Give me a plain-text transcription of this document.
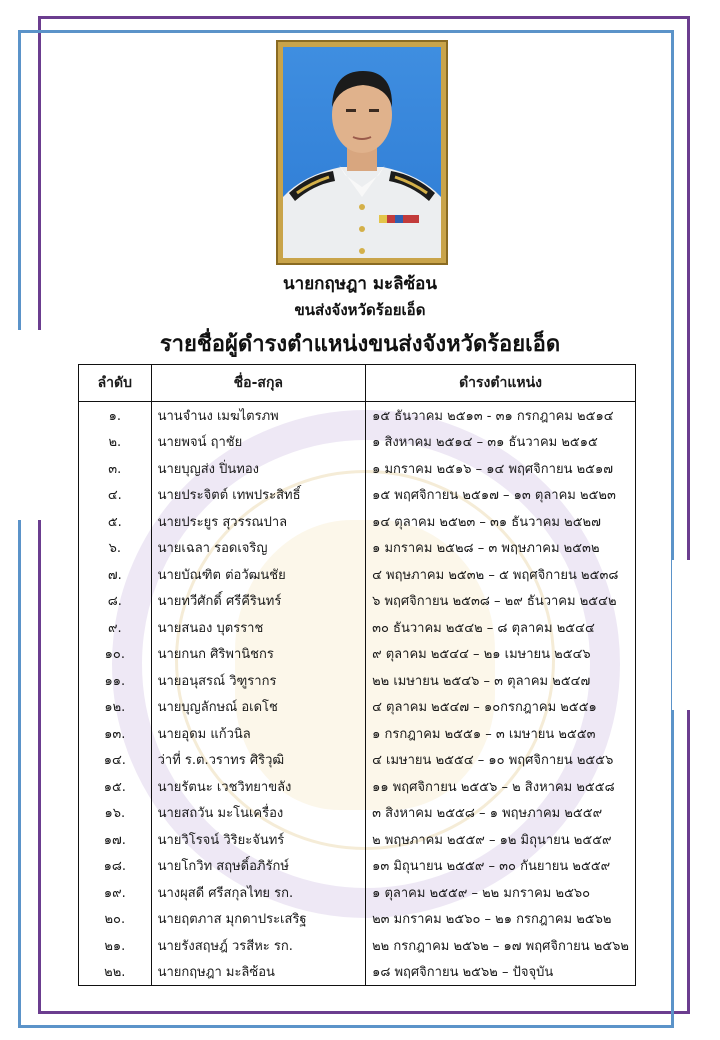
นายกฤษฎา มะลิซ้อน
ขนส่งจังหวัดร้อยเอ็ด
รายชื่อผู้ดำรงตำแหน่งขนส่งจังหวัดร้อยเอ็ด
ลำดับ	ชื่อ-สกุล	ดำรงตำแหน่ง
๑.	นานจำนง เมฆไตรภพ	๑๕ ธันวาคม ๒๕๑๓ - ๓๑ กรกฎาคม ๒๕๑๔
๒.	นายพจน์ ฤาชัย	๑ สิงหาคม ๒๕๑๔ – ๓๑ ธันวาคม ๒๕๑๕
๓.	นายบุญส่ง ปิ่นทอง	๑ มกราคม ๒๕๑๖ – ๑๔ พฤศจิกายน ๒๕๑๗
๔.	นายประจิตต์ เทพประสิทธิ์	๑๕ พฤศจิกายน ๒๕๑๗ – ๑๓ ตุลาคม ๒๕๒๓
๕.	นายประยูร สุวรรณปาล	๑๔ ตุลาคม ๒๕๒๓ – ๓๑ ธันวาคม ๒๕๒๗
๖.	นายเฉลา รอดเจริญ	๑ มกราคม ๒๕๒๘ – ๓ พฤษภาคม ๒๕๓๒
๗.	นายบัณฑิต ต่อวัฒนชัย	๔ พฤษภาคม ๒๕๓๒ – ๕ พฤศจิกายน ๒๕๓๘
๘.	นายทวีศักดิ์ ศรีคีรินทร์	๖ พฤศจิกายน ๒๕๓๘ – ๒๙ ธันวาคม ๒๕๔๒
๙.	นายสนอง บุตรราช	๓๐ ธันวาคม ๒๕๔๒ – ๘ ตุลาคม ๒๕๔๔
๑๐.	นายกนก ศิริพานิชกร	๙ ตุลาคม ๒๕๔๔ – ๒๑ เมษายน ๒๕๔๖
๑๑.	นายอนุสรณ์ วิฑูรากร	๒๒ เมษายน ๒๕๔๖ – ๓ ตุลาคม ๒๕๔๗
๑๒.	นายบุญลักษณ์ อเดโช	๔ ตุลาคม ๒๕๔๗ – ๑๐กรกฎาคม ๒๕๕๑
๑๓.	นายอุดม แก้วนิล	๑ กรกฎาคม ๒๕๕๑ – ๓ เมษายน ๒๕๕๓
๑๔.	ว่าที่ ร.ต.วราทร ศิริวุฒิ	๔ เมษายน ๒๕๕๔ – ๑๐ พฤศจิกายน ๒๕๕๖
๑๕.	นายรัตนะ เวชวิทยาขลัง	๑๑ พฤศจิกายน ๒๕๕๖ – ๒ สิงหาคม ๒๕๕๘
๑๖.	นายสถวัน มะโนเครื่อง	๓ สิงหาคม ๒๕๕๘ – ๑ พฤษภาคม ๒๕๕๙
๑๗.	นายวิโรจน์ วิริยะจันทร์	๒ พฤษภาคม ๒๕๕๙ – ๑๒ มิถุนายน ๒๕๕๙
๑๘.	นายโกวิท สฤษดิ์อภิรักษ์	๑๓ มิถุนายน ๒๕๕๙ – ๓๐ กันยายน ๒๕๕๙
๑๙.	นางผุสดี ศรีสกุลไทย รก.	๑ ตุลาคม ๒๕๕๙ – ๒๒ มกราคม ๒๕๖๐
๒๐.	นายฤตภาส มุกดาประเสริฐ	๒๓ มกราคม ๒๕๖๐ – ๒๑ กรกฎาคม ๒๕๖๒
๒๑.	นายรังสฤษฎ์ วรสีหะ รก.	๒๒ กรกฎาคม ๒๕๖๒ – ๑๗ พฤศจิกายน ๒๕๖๒
๒๒.	นายกฤษฎา มะลิซ้อน	๑๘ พฤศจิกายน ๒๕๖๒ – ปัจจุบัน
